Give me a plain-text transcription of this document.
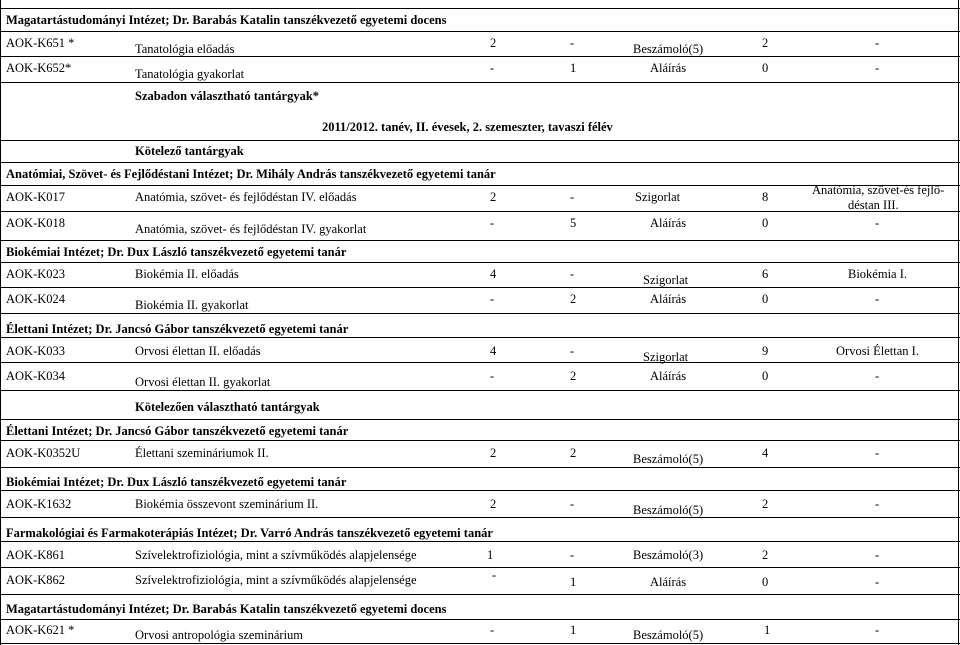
Magatartástudományi Intézet; Dr. Barabás Katalin tanszékvezető egyetemi docens
AOK-K651 *	Tanatológia előadás	2	-	Beszámoló(5)	2	-
AOK-K652*	Tanatológia gyakorlat	-	1	Aláírás	0	-
Szabadon választható tantárgyak*
2011/2012. tanév, II. évesek, 2. szemeszter, tavaszi félév
Kötelező tantárgyak
Anatómiai, Szövet- és Fejlődéstani Intézet; Dr. Mihály András tanszékvezető egyetemi tanár
AOK-K017	Anatómia, szövet- és fejlődéstan IV. előadás	2	-	Szigorlat	8	Anatómia, szövet-és fejlő-
déstan III.
AOK-K018	Anatómia, szövet- és fejlődéstan IV. gyakorlat	-	5	Aláírás	0	-
Biokémiai Intézet; Dr. Dux László tanszékvezető egyetemi tanár
AOK-K023	Biokémia II. előadás	4	-	Szigorlat	6	Biokémia I.
AOK-K024	Biokémia II. gyakorlat	-	2	Aláírás	0	-
Élettani Intézet; Dr. Jancsó Gábor tanszékvezető egyetemi tanár
AOK-K033	Orvosi élettan II. előadás	4	-	Szigorlat	9	Orvosi Élettan I.
AOK-K034	Orvosi élettan II. gyakorlat	-	2	Aláírás	0	-
Kötelezően választható tantárgyak
Élettani Intézet; Dr. Jancsó Gábor tanszékvezető egyetemi tanár
AOK-K0352U	Élettani szemináriumok II.	2	2	Beszámoló(5)	4	-
Biokémiai Intézet; Dr. Dux László tanszékvezető egyetemi tanár
AOK-K1632	Biokémia összevont szeminárium II.	2	-	Beszámoló(5)	2	-
Farmakológiai és Farmakoterápiás Intézet; Dr. Varró András tanszékvezető egyetemi tanár
AOK-K861	Szívelektrofiziológia, mint a szívműködés alapjelensége	1	-	Beszámoló(3)	2	-
AOK-K862	Szívelektrofiziológia, mint a szívműködés alapjelensége	-	1	Aláírás	0	-
Magatartástudományi Intézet; Dr. Barabás Katalin tanszékvezető egyetemi docens
AOK-K621 *	Orvosi antropológia szeminárium	-	1	Beszámoló(5)	1	-
